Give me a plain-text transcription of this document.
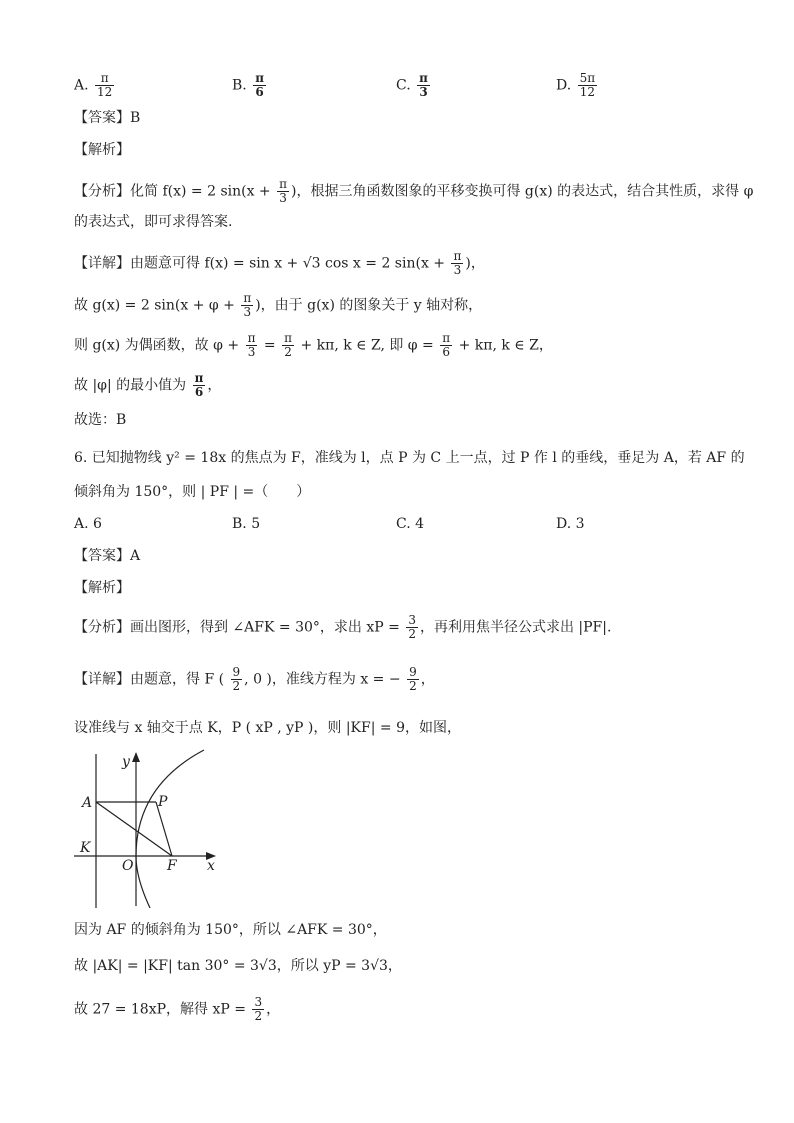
A. $\frac{\pi}{12}$	B. $\frac{\pi}{6}$	C. $\frac{\pi}{3}$	D. $\frac{5\pi}{12}$
【答案】B
【解析】
【分析】化简 f(x) = 2 $\sin(x + \frac{\pi}{3}$ )，根据三角函数图象的平移变换可得 g(x) 的表达式，结合其性质，求得 φ
的表达式，即可求得答案.
【详解】由题意可得 f(x) = sin x + √3 cos x = 2 $\sin(x + \frac{\pi}{3}$ )，
故 g(x) = 2 $\sin(x + \varphi + \frac{\pi}{3}$ )，由于 g(x) 的图象关于 y 轴对称，
则 g(x) 为偶函数，故 $\varphi + \frac{\pi}{3} = \frac{\pi}{2} + k\pi$, k ∈ Z, 即 $\varphi = \frac{\pi}{6} + k\pi$, k ∈ Z，
故 |φ| 的最小值为 $\frac{\pi}{6}$ ，
故选：B
6. 已知抛物线 y² = 18x 的焦点为 F，准线为 l，点 P 为 C 上一点，过 P 作 l 的垂线，垂足为 A，若 AF 的
倾斜角为 150°，则 | PF | =（　　）
A. 6	B. 5	C. 4	D. 3
【答案】A
【解析】
【分析】画出图形，得到 ∠AFK = 30°，求出 xP = $\frac{3}{2}$ ，再利用焦半径公式求出 |PF|.
【详解】由题意，得 F ( $\frac{9}{2}$ , 0 )，准线方程为 x = − $\frac{9}{2}$ ，
设准线与 x 轴交于点 K，P ( xP , yP )，则 |KF| = 9，如图，
y
A	P
K
O F x
因为 AF 的倾斜角为 150°，所以 ∠AFK = 30°，
故 |AK| = |KF| tan 30° = 3√3，所以 yP = 3√3，
故 27 = 18xP，解得 xP = $\frac{3}{2}$ ，
